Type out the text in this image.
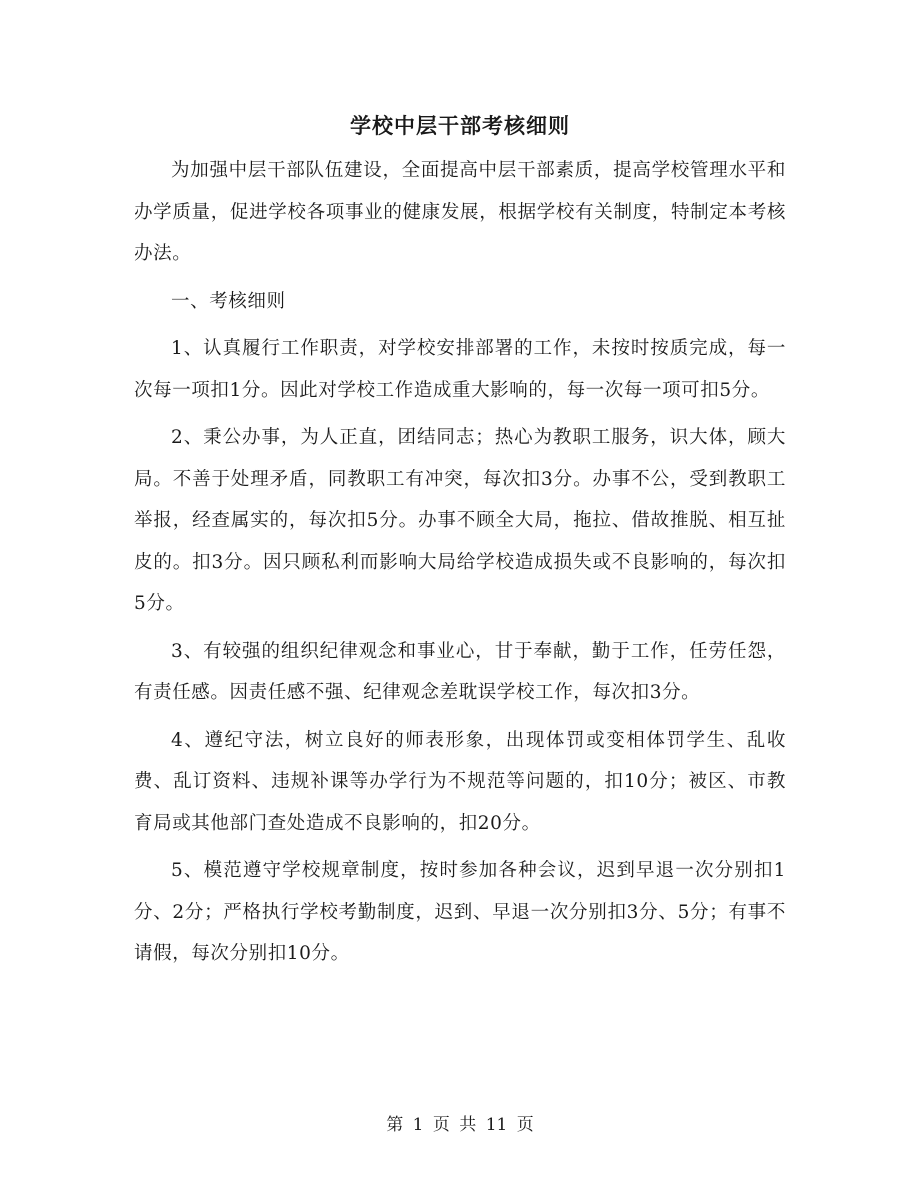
学校中层干部考核细则

为加强中层干部队伍建设，全面提高中层干部素质，提高学校管理水平和办学质量，促进学校各项事业的健康发展，根据学校有关制度，特制定本考核办法。

一、考核细则

1、认真履行工作职责，对学校安排部署的工作，未按时按质完成，每一次每一项扣1分。因此对学校工作造成重大影响的，每一次每一项可扣5分。

2、秉公办事，为人正直，团结同志；热心为教职工服务，识大体，顾大局。不善于处理矛盾，同教职工有冲突，每次扣3分。办事不公，受到教职工举报，经查属实的，每次扣5分。办事不顾全大局，拖拉、借故推脱、相互扯皮的。扣3分。因只顾私利而影响大局给学校造成损失或不良影响的，每次扣5分。

3、有较强的组织纪律观念和事业心，甘于奉献，勤于工作，任劳任怨，有责任感。因责任感不强、纪律观念差耽误学校工作，每次扣3分。

4、遵纪守法，树立良好的师表形象，出现体罚或变相体罚学生、乱收费、乱订资料、违规补课等办学行为不规范等问题的，扣10分；被区、市教育局或其他部门查处造成不良影响的，扣20分。

5、模范遵守学校规章制度，按时参加各种会议，迟到早退一次分别扣1分、2分；严格执行学校考勤制度，迟到、早退一次分别扣3分、5分；有事不请假，每次分别扣10分。

第 1 页 共 11 页
